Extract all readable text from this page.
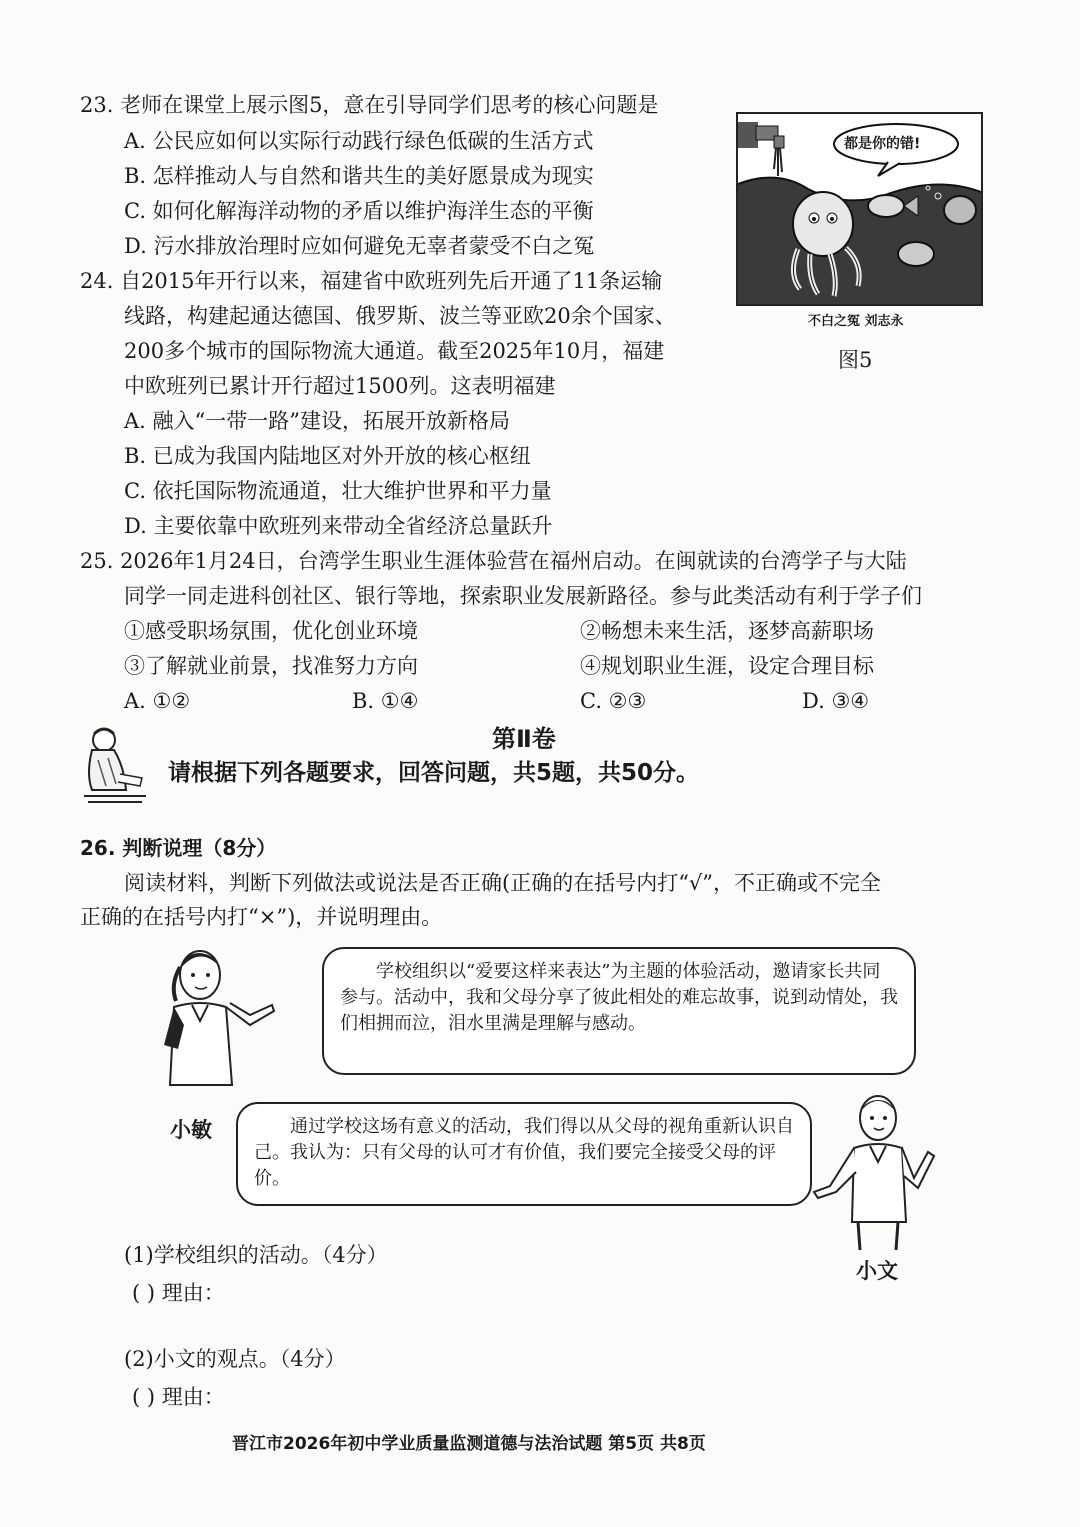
23. 老师在课堂上展示图5，意在引导同学们思考的核心问题是
A. 公民应如何以实际行动践行绿色低碳的生活方式
B. 怎样推动人与自然和谐共生的美好愿景成为现实
C. 如何化解海洋动物的矛盾以维护海洋生态的平衡
D. 污水排放治理时应如何避免无辜者蒙受不白之冤
都是你的错!
不白之冤 刘志永
图5
24. 自2015年开行以来，福建省中欧班列先后开通了11条运输
线路，构建起通达德国、俄罗斯、波兰等亚欧20余个国家、
200多个城市的国际物流大通道。截至2025年10月，福建
中欧班列已累计开行超过1500列。这表明福建
A. 融入“一带一路”建设，拓展开放新格局
B. 已成为我国内陆地区对外开放的核心枢纽
C. 依托国际物流通道，壮大维护世界和平力量
D. 主要依靠中欧班列来带动全省经济总量跃升
25. 2026年1月24日，台湾学生职业生涯体验营在福州启动。在闽就读的台湾学子与大陆
同学一同走进科创社区、银行等地，探索职业发展新路径。参与此类活动有利于学子们
①感受职场氛围，优化创业环境	②畅想未来生活，逐梦高薪职场
③了解就业前景，找准努力方向	④规划职业生涯，设定合理目标
A. ①②	B. ①④	C. ②③	D. ③④
第Ⅱ卷
请根据下列各题要求，回答问题，共5题，共50分。
26. 判断说理（8分）
阅读材料，判断下列做法或说法是否正确(正确的在括号内打“√”，不正确或不完全
正确的在括号内打“×”)，并说明理由。
学校组织以“爱要这样来表达”为主题的体验活动，邀请家长共同参与。活动中，我和父母分享了彼此相处的难忘故事，说到动情处，我们相拥而泣，泪水里满是理解与感动。
小敏	通过学校这场有意义的活动，我们得以从父母的视角重新认识自己。我认为：只有父母的认可才有价值，我们要完全接受父母的评价。
小文
(1)学校组织的活动。（4分）
( ) 理由：
(2)小文的观点。（4分）
( ) 理由：
晋江市2026年初中学业质量监测道德与法治试题 第5页 共8页
